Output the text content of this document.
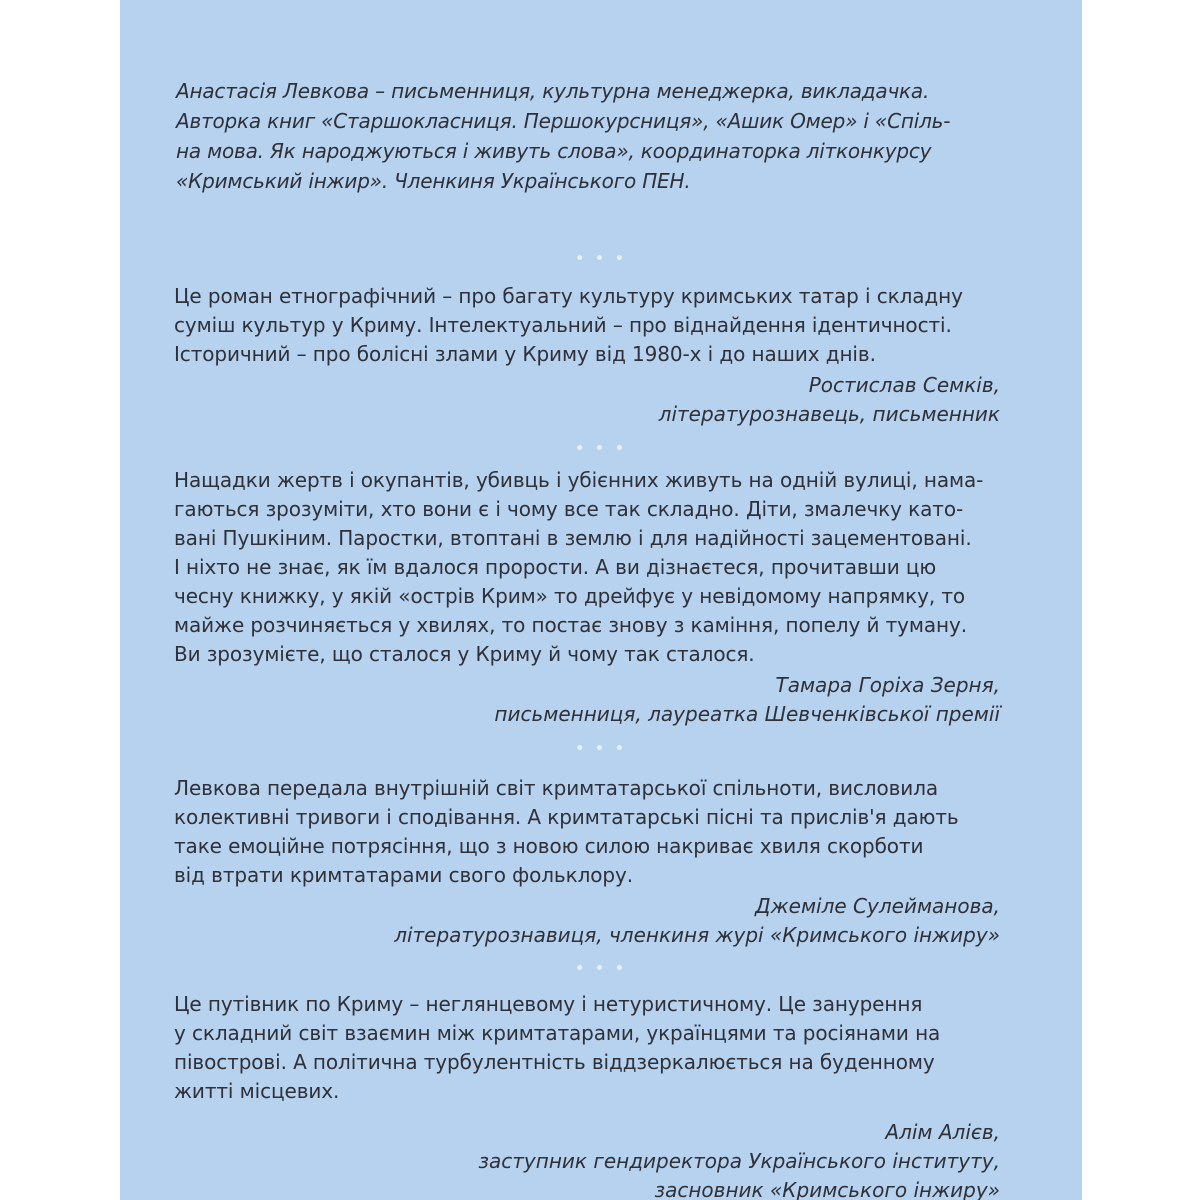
Анастасія Левкова – письменниця, культурна менеджерка, викладачка.
Авторка книг «Старшокласниця. Першокурсниця», «Ашик Омер» і «Спіль-
на мова. Як народжуються і живуть слова», координаторка літконкурсу
«Кримський інжир». Членкиня Українського ПЕН.
• • •
Це роман етнографічний – про багату культуру кримських татар і складну
суміш культур у Криму. Інтелектуальний – про віднайдення ідентичності.
Історичний – про болісні злами у Криму від 1980-х і до наших днів.
Ростислав Семків,
літературознавець, письменник
• • •
Нащадки жертв і окупантів, убивць і убієнних живуть на одній вулиці, нама-
гаються зрозуміти, хто вони є і чому все так складно. Діти, змалечку като-
вані Пушкіним. Паростки, втоптані в землю і для надійності зацементовані.
І ніхто не знає, як їм вдалося прорости. А ви дізнаєтеся, прочитавши цю
чесну книжку, у якій «острів Крим» то дрейфує у невідомому напрямку, то
майже розчиняється у хвилях, то постає знову з каміння, попелу й туману.
Ви зрозумієте, що сталося у Криму й чому так сталося.
Тамара Горіха Зерня,
письменниця, лауреатка Шевченківської премії
• • •
Левкова передала внутрішній світ кримтатарської спільноти, висловила
колективні тривоги і сподівання. А кримтатарські пісні та прислів'я дають
таке емоційне потрясіння, що з новою силою накриває хвиля скорботи
від втрати кримтатарами свого фольклору.
Джеміле Сулейманова,
літературознавиця, членкиня журі «Кримського інжиру»
• • •
Це путівник по Криму – неглянцевому і нетуристичному. Це занурення
у складний світ взаємин між кримтатарами, українцями та росіянами на
півострові. А політична турбулентність віддзеркалюється на буденному
житті місцевих.
Алім Алієв,
заступник гендиректора Українського інституту,
засновник «Кримського інжиру»
